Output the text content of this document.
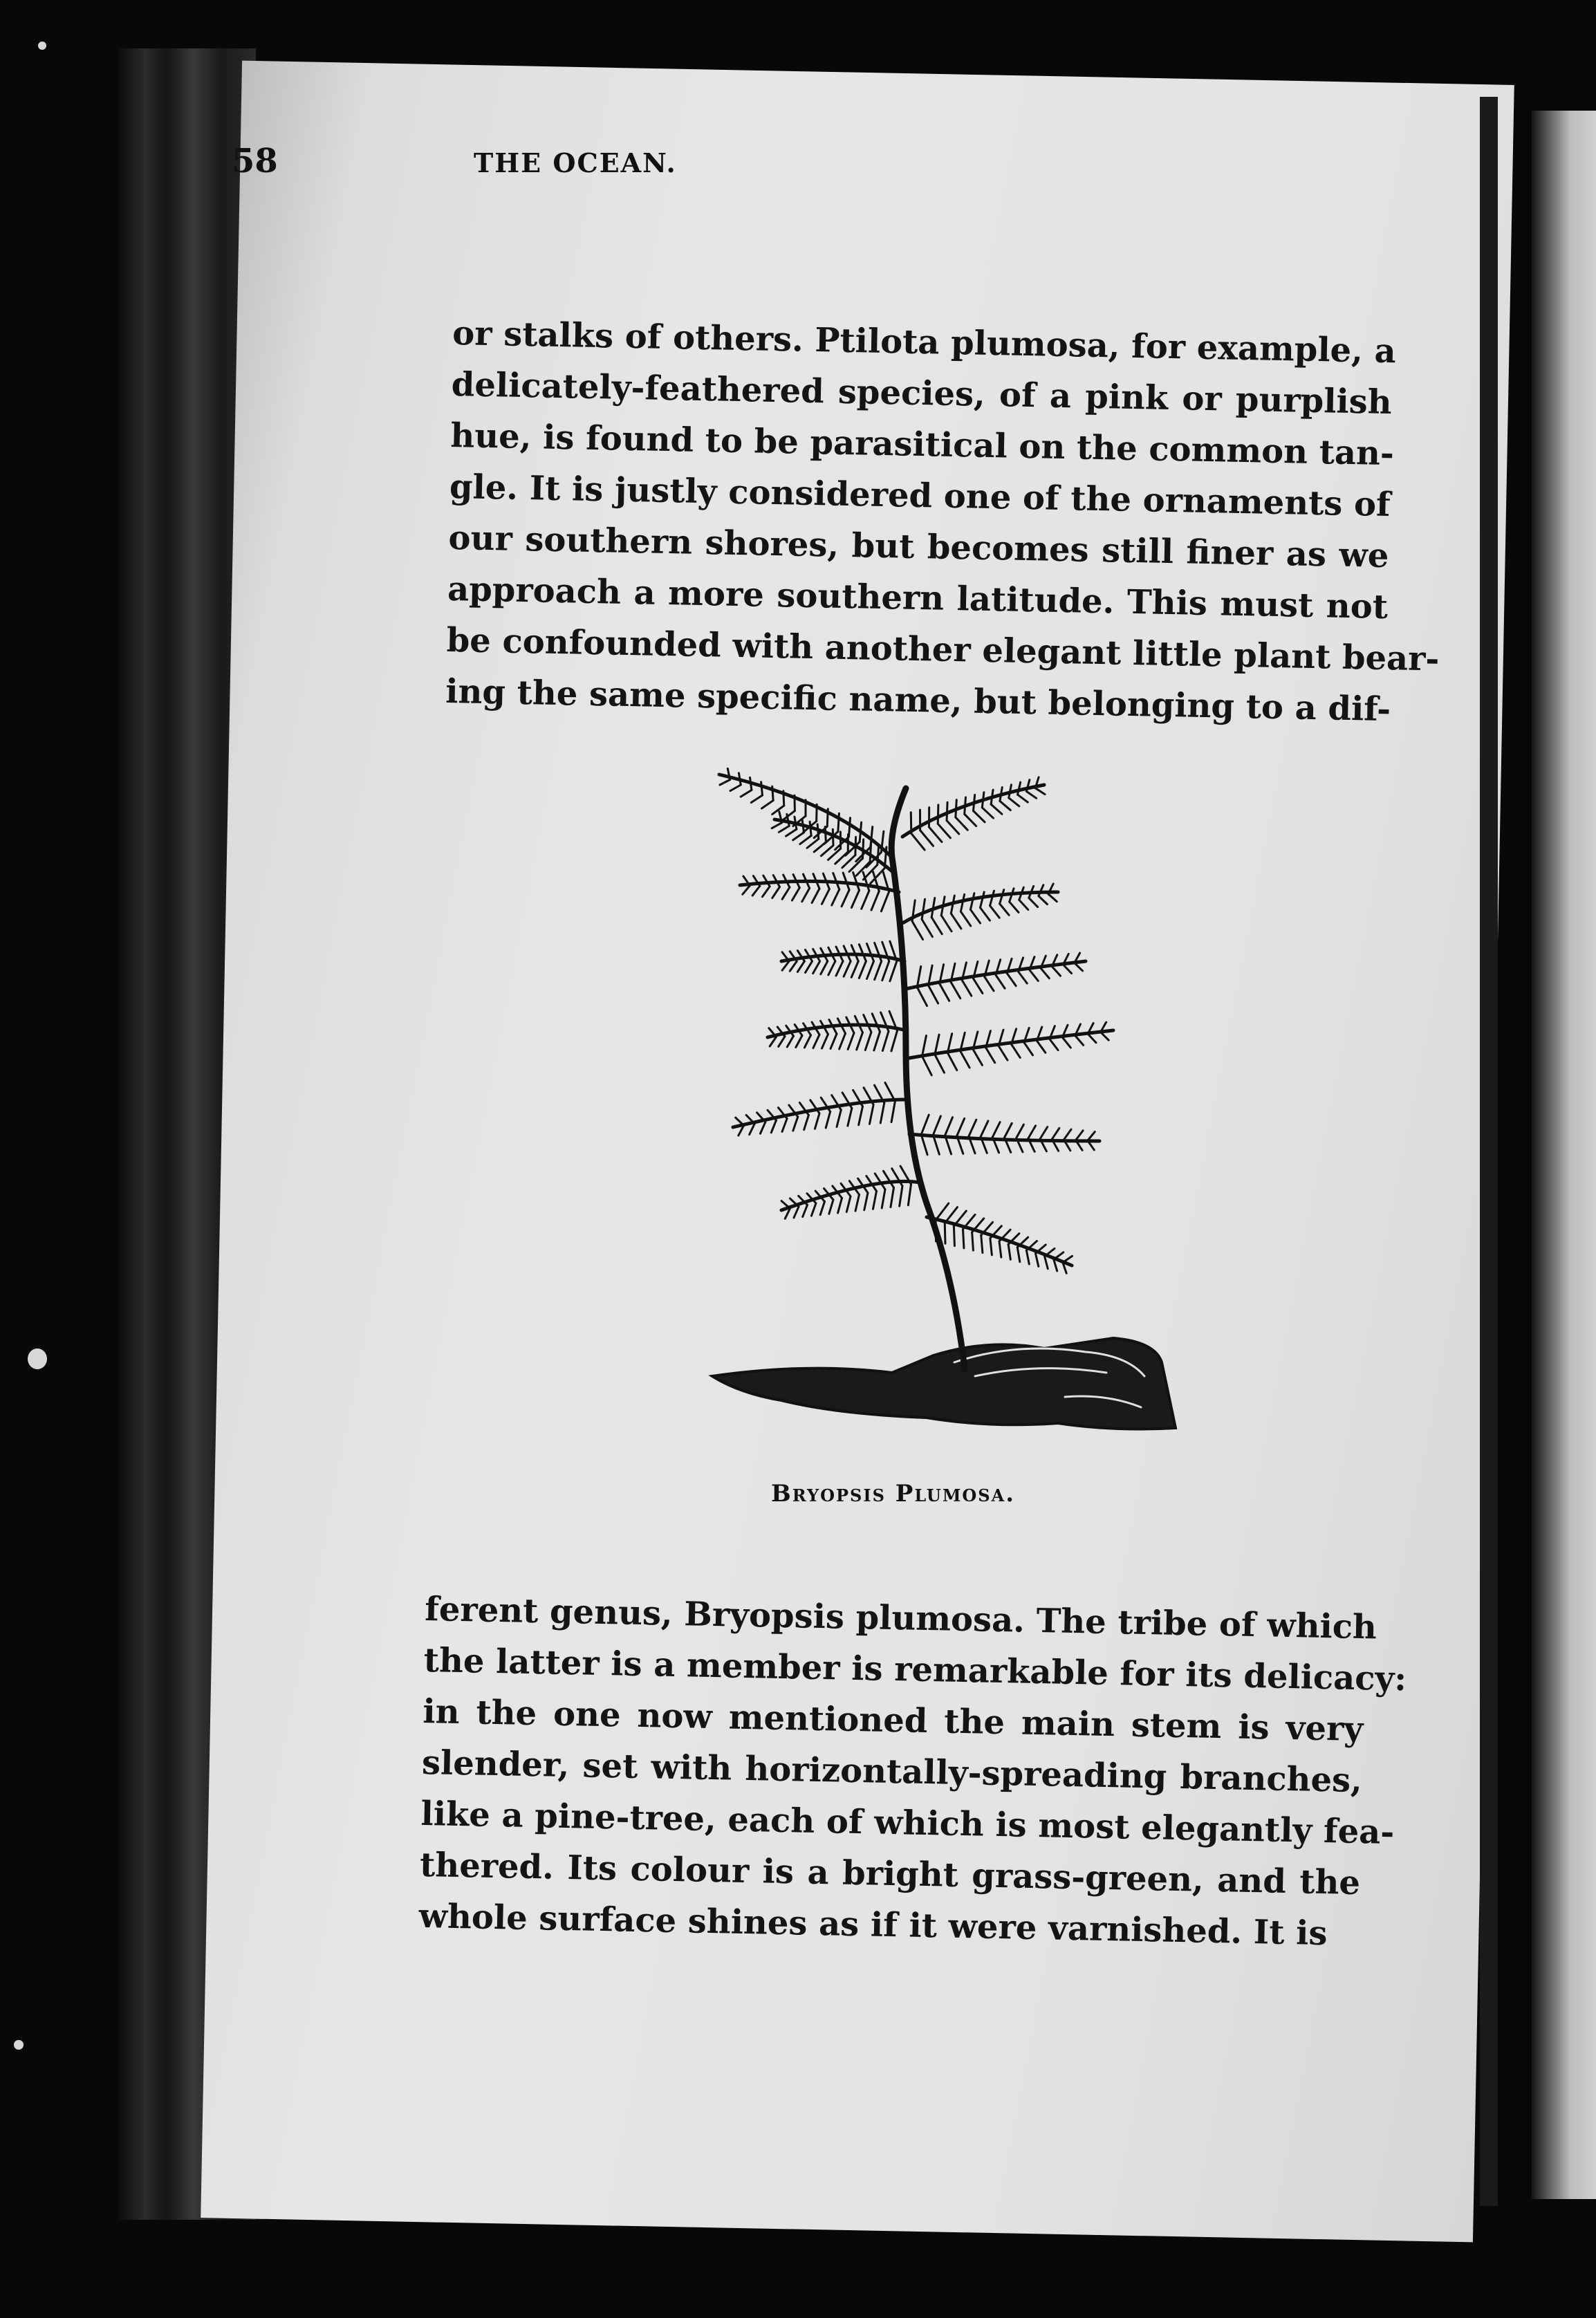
58	THE OCEAN.
or stalks of others. Ptilota plumosa, for example, a
delicately-feathered species, of a pink or purplish
hue, is found to be parasitical on the common tan-
gle. It is justly considered one of the ornaments of
our southern shores, but becomes still finer as we
approach a more southern latitude. This must not
be confounded with another elegant little plant bear-
ing the same specific name, but belonging to a dif-
ferent genus, Bryopsis plumosa. The tribe of which
the latter is a member is remarkable for its delicacy:
in the one now mentioned the main stem is very
slender, set with horizontally-spreading branches,
like a pine-tree, each of which is most elegantly fea-
thered. Its colour is a bright grass-green, and the
whole surface shines as if it were varnished. It is
Bryopsis Plumosa.
